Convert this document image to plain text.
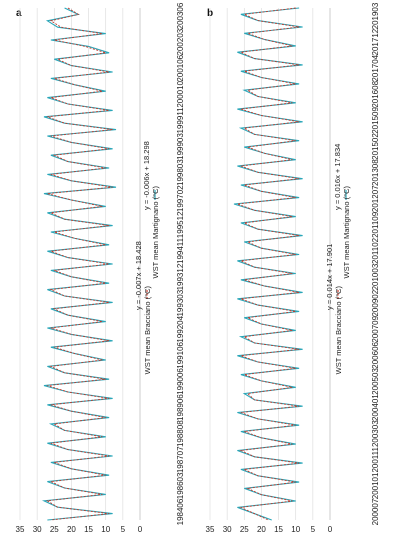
a
0
5
10
15
20
25
30
35
198406
198603
198707
198808
198906
199006
199106
199204
199303
199312
199411
199512
199702
199803
199903
199911
200010
200106
200203
200306
WST mean Martignano (°C)
y = -0.006x + 18.298
WST mean Bracciano (°C)
y = -0.007x + 18.428
b
0
5
10
15
20
25
30
35
200007
200101
200111
200303
200401
200503
200606
200709
200902
201003
201102
201109
201207
201308
201502
201509
201608
201704
201712
201903
WST mean Martignano (°C)
y = 0.016x + 17.834
WST mean Bracciano (°C)
y = 0.014x + 17.901
